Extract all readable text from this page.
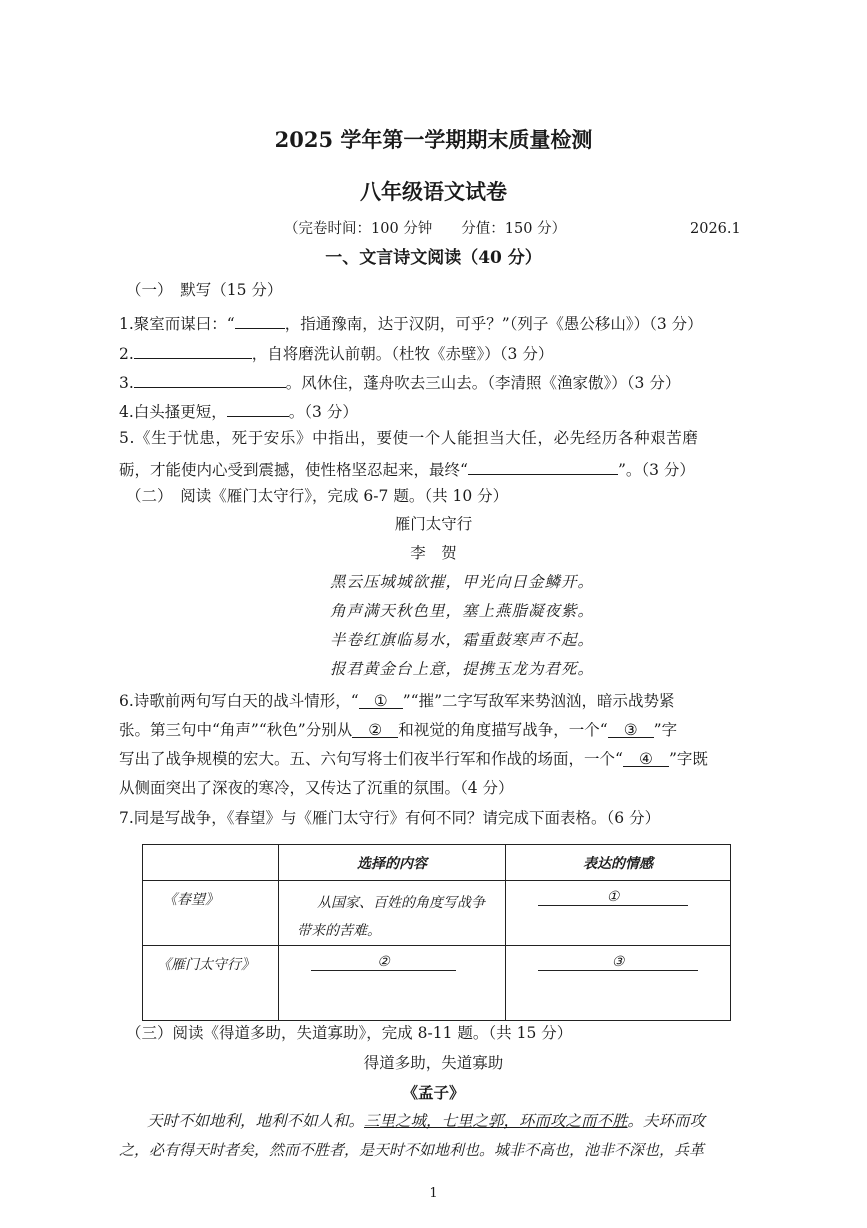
2025 学年第一学期期末质量检测
八年级语文试卷
（完卷时间：100 分钟　　分值：150 分）	2026.1
一、文言诗文阅读（40 分）
（一）　默写（15 分）
1.聚室而谋曰：“	，指通豫南，达于汉阴，可乎？”（列子《愚公移山》）（3 分）
2.	，自将磨洗认前朝。（杜牧《赤壁》）（3 分）
3.	。风休住，蓬舟吹去三山去。（李清照《渔家傲》）（3 分）
4.白头搔更短，	。（3 分）
5.《生于忧患，死于安乐》中指出，要使一个人能担当大任，必先经历各种艰苦磨
砺，才能使内心受到震撼，使性格坚忍起来，最终“	”。（3 分）
（二）　阅读《雁门太守行》，完成 6-7 题。（共 10 分）
雁门太守行
李　贺
黑云压城城欲摧，甲光向日金鳞开。
角声满天秋色里，塞上燕脂凝夜紫。
半卷红旗临易水，霜重鼓寒声不起。
报君黄金台上意，提携玉龙为君死。
6.诗歌前两句写白天的战斗情形，“ ① ”“摧”二字写敌军来势汹汹，暗示战势紧
张。第三句中“角声”“秋色”分别从 ② 和视觉的角度描写战争，一个“ ③ ”字
写出了战争规模的宏大。五、六句写将士们夜半行军和作战的场面，一个“ ④ ”字既
从侧面突出了深夜的寒冷，又传达了沉重的氛围。（4 分）
7.同是写战争，《春望》与《雁门太守行》有何不同？请完成下面表格。（6 分）
	选择的内容	表达的情感
《春望》	从国家、百姓的角度写战争带来的苦难。	①
《雁门太守行》	②	③
（三）阅读《得道多助，失道寡助》，完成 8-11 题。（共 15 分）
得道多助，失道寡助
《孟子》
天时不如地利，地利不如人和。三里之城，七里之郭，环而攻之而不胜。夫环而攻
之，必有得天时者矣，然而不胜者，是天时不如地利也。城非不高也，池非不深也，兵革
1
